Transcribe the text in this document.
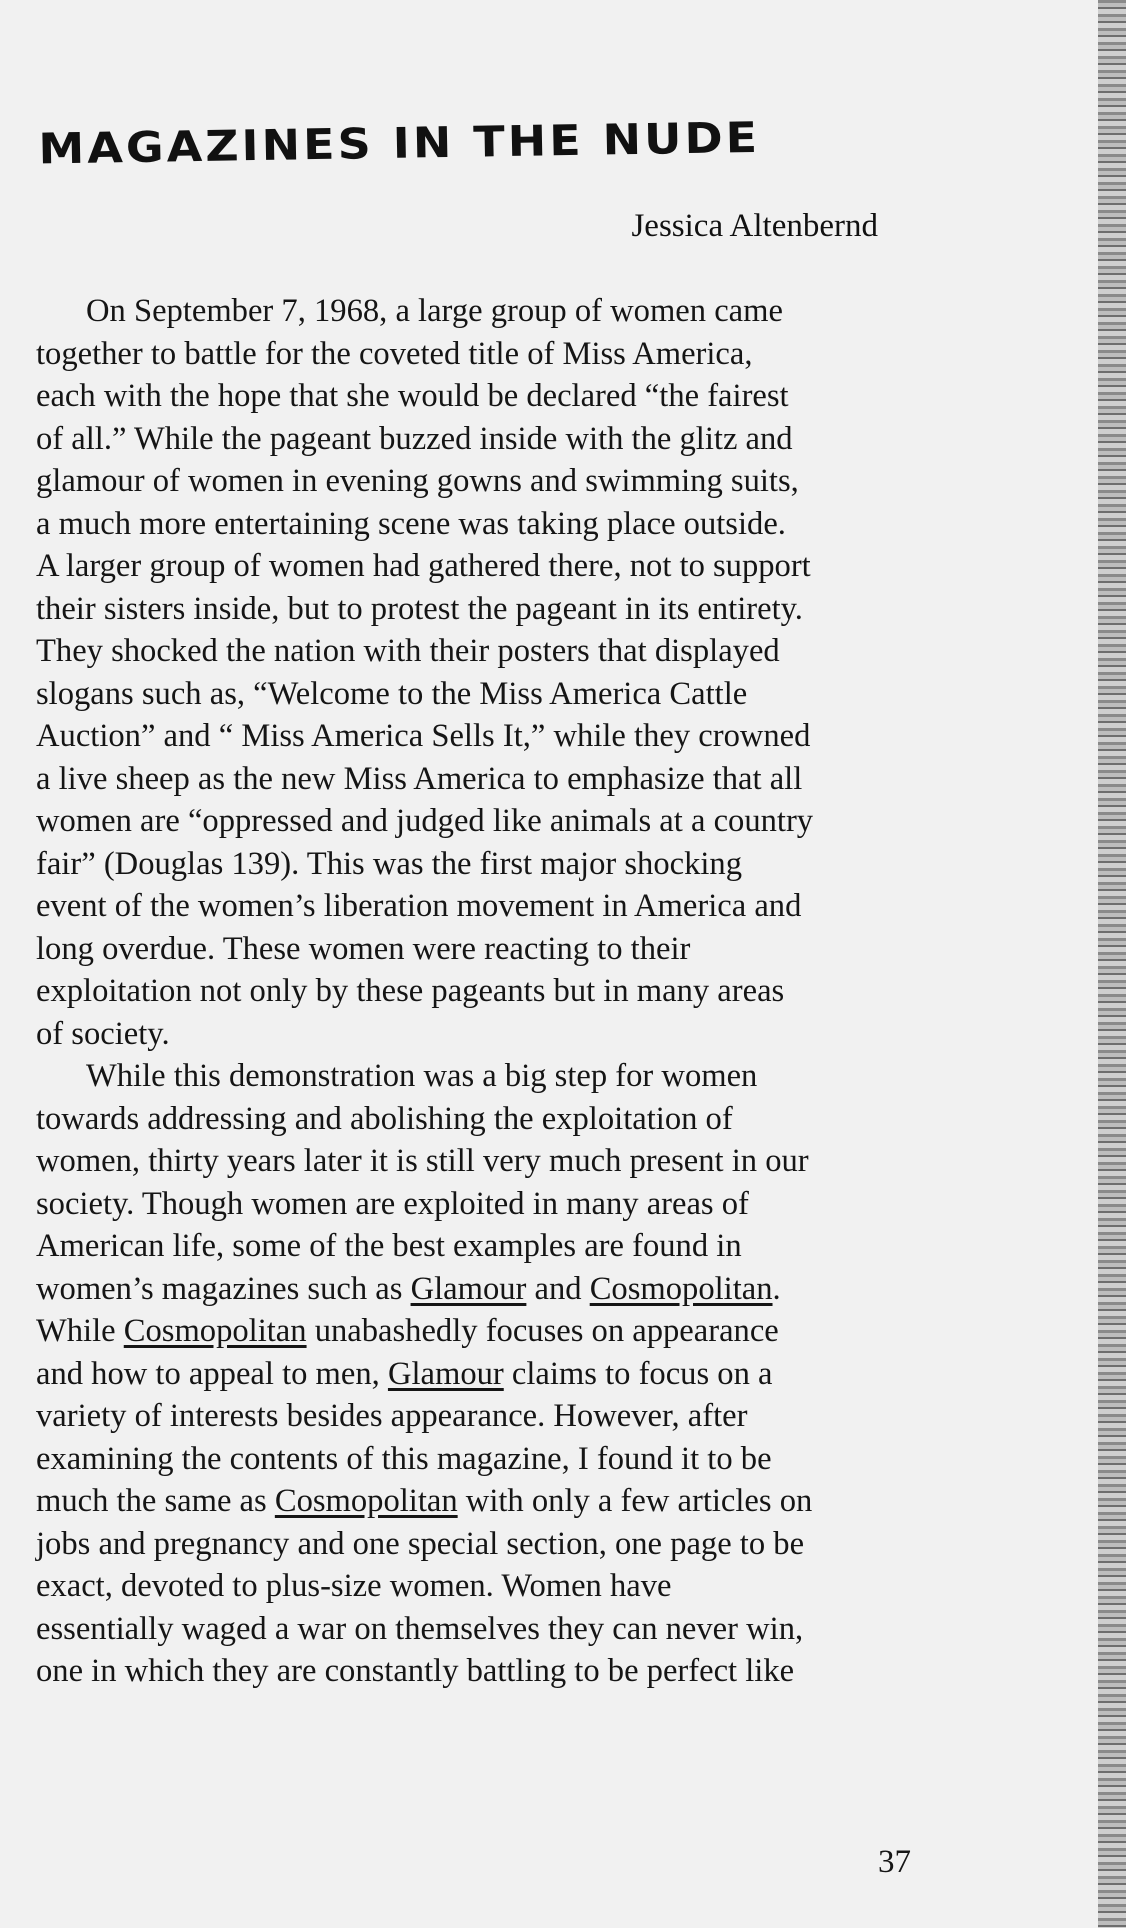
MAGAZINES IN THE NUDE
Jessica Altenbernd
On September 7, 1968, a large group of women came
together to battle for the coveted title of Miss America,
each with the hope that she would be declared “the fairest
of all.” While the pageant buzzed inside with the glitz and
glamour of women in evening gowns and swimming suits,
a much more entertaining scene was taking place outside.
A larger group of women had gathered there, not to support
their sisters inside, but to protest the pageant in its entirety.
They shocked the nation with their posters that displayed
slogans such as, “Welcome to the Miss America Cattle
Auction” and “ Miss America Sells It,” while they crowned
a live sheep as the new Miss America to emphasize that all
women are “oppressed and judged like animals at a country
fair” (Douglas 139). This was the first major shocking
event of the women’s liberation movement in America and
long overdue. These women were reacting to their
exploitation not only by these pageants but in many areas
of society.
While this demonstration was a big step for women
towards addressing and abolishing the exploitation of
women, thirty years later it is still very much present in our
society. Though women are exploited in many areas of
American life, some of the best examples are found in
women’s magazines such as Glamour and Cosmopolitan.
While Cosmopolitan unabashedly focuses on appearance
and how to appeal to men, Glamour claims to focus on a
variety of interests besides appearance. However, after
examining the contents of this magazine, I found it to be
much the same as Cosmopolitan with only a few articles on
jobs and pregnancy and one special section, one page to be
exact, devoted to plus-size women. Women have
essentially waged a war on themselves they can never win,
one in which they are constantly battling to be perfect like
37
